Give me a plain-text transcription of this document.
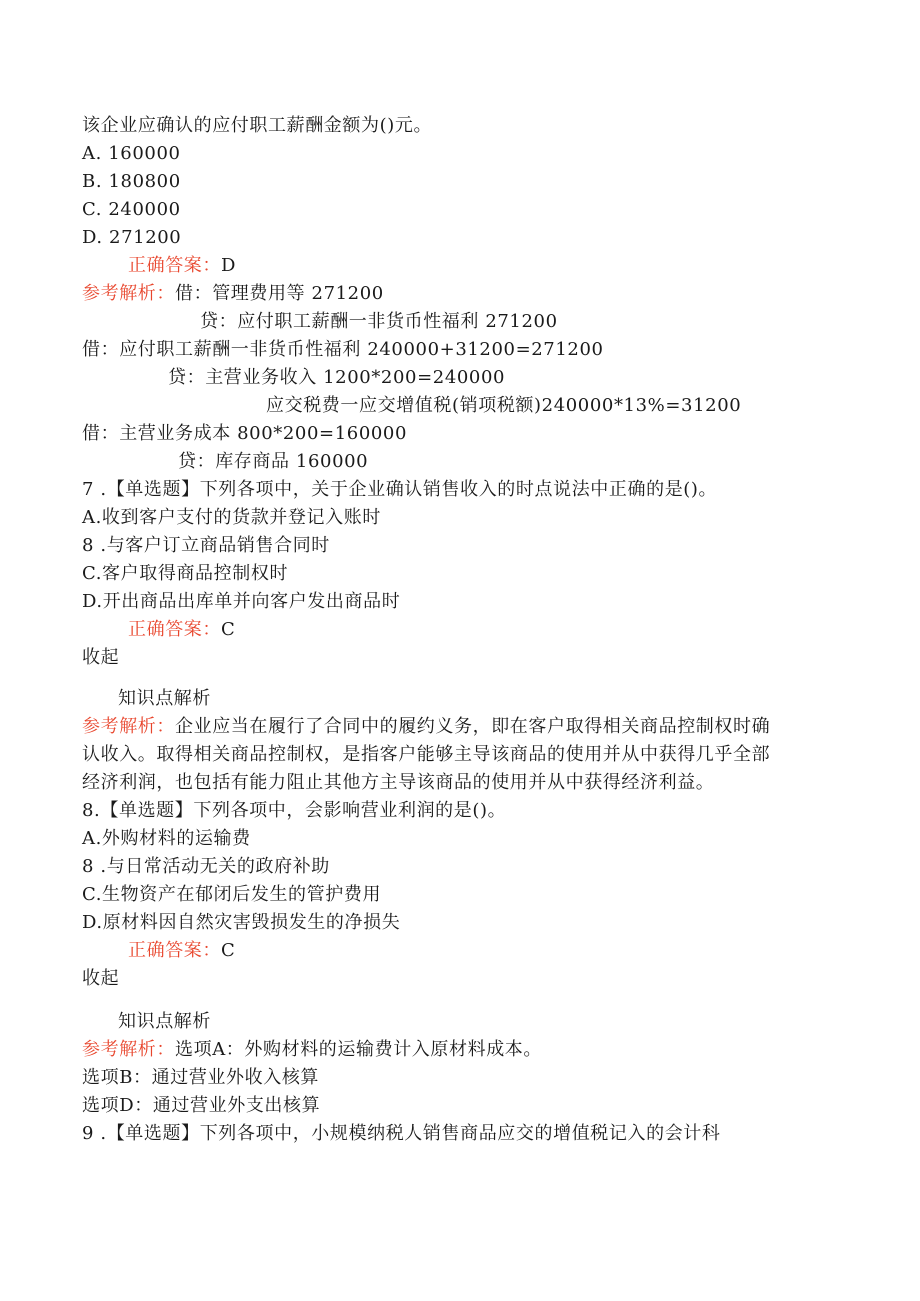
该企业应确认的应付职工薪酬金额为()元。
A. 160000
B. 180800
C. 240000
D. 271200
正确答案：D
参考解析：借：管理费用等 271200
贷：应付职工薪酬一非货币性福利 271200
借：应付职工薪酬一非货币性福利 240000+31200=271200
贷：主营业务收入 1200*200=240000
应交税费一应交增值税(销项税额)240000*13%=31200
借：主营业务成本 800*200=160000
贷：库存商品 160000
7 .【单选题】下列各项中，关于企业确认销售收入的时点说法中正确的是()。
A.收到客户支付的货款并登记入账时
8 .与客户订立商品销售合同时
C.客户取得商品控制权时
D.开出商品出库单并向客户发出商品时
正确答案：C
收起
知识点解析
参考解析：企业应当在履行了合同中的履约义务，即在客户取得相关商品控制权时确
认收入。取得相关商品控制权，是指客户能够主导该商品的使用并从中获得几乎全部
经济利润，也包括有能力阻止其他方主导该商品的使用并从中获得经济利益。
8.【单选题】下列各项中，会影响营业利润的是()。
A.外购材料的运输费
8 .与日常活动无关的政府补助
C.生物资产在郁闭后发生的管护费用
D.原材料因自然灾害毁损发生的净损失
正确答案：C
收起
知识点解析
参考解析：选项A：外购材料的运输费计入原材料成本。
选项B：通过营业外收入核算
选项D：通过营业外支出核算
9 .【单选题】下列各项中，小规模纳税人销售商品应交的增值税记入的会计科
